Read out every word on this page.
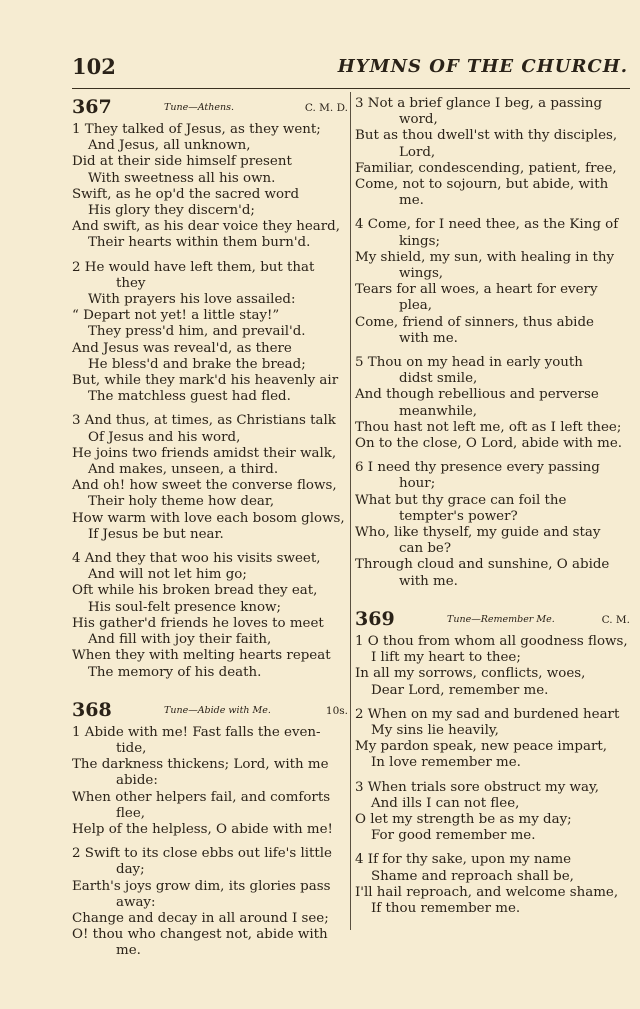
102	HYMNS OF THE CHURCH.
367	Tune—Athens.	C. M. D.
1 They talked of Jesus, as they went;
And Jesus, all unknown,
Did at their side himself present
With sweetness all his own.
Swift, as he op'd the sacred word
His glory they discern'd;
And swift, as his dear voice they heard,
Their hearts within them burn'd.
2 He would have left them, but that
they
With prayers his love assailed:
“ Depart not yet! a little stay!”
They press'd him, and prevail'd.
And Jesus was reveal'd, as there
He bless'd and brake the bread;
But, while they mark'd his heavenly air
The matchless guest had fled.
3 And thus, at times, as Christians talk
Of Jesus and his word,
He joins two friends amidst their walk,
And makes, unseen, a third.
And oh! how sweet the converse flows,
Their holy theme how dear,
How warm with love each bosom glows,
If Jesus be but near.
4 And they that woo his visits sweet,
And will not let him go;
Oft while his broken bread they eat,
His soul-felt presence know;
His gather'd friends he loves to meet
And fill with joy their faith,
When they with melting hearts repeat
The memory of his death.
368	Tune—Abide with Me.	10s.
1 Abide with me! Fast falls the even-
tide,
The darkness thickens; Lord, with me
abide:
When other helpers fail, and comforts
flee,
Help of the helpless, O abide with me!
2 Swift to its close ebbs out life's little
day;
Earth's joys grow dim, its glories pass
away:
Change and decay in all around I see;
O! thou who changest not, abide with
me.
3 Not a brief glance I beg, a passing
word,
But as thou dwell'st with thy disciples,
Lord,
Familiar, condescending, patient, free,
Come, not to sojourn, but abide, with
me.
4 Come, for I need thee, as the King of
kings;
My shield, my sun, with healing in thy
wings,
Tears for all woes, a heart for every
plea,
Come, friend of sinners, thus abide
with me.
5 Thou on my head in early youth
didst smile,
And though rebellious and perverse
meanwhile,
Thou hast not left me, oft as I left thee;
On to the close, O Lord, abide with me.
6 I need thy presence every passing
hour;
What but thy grace can foil the
tempter's power?
Who, like thyself, my guide and stay
can be?
Through cloud and sunshine, O abide
with me.
369	Tune—Remember Me.	C. M.
1 O thou from whom all goodness flows,
I lift my heart to thee;
In all my sorrows, conflicts, woes,
Dear Lord, remember me.
2 When on my sad and burdened heart
My sins lie heavily,
My pardon speak, new peace impart,
In love remember me.
3 When trials sore obstruct my way,
And ills I can not flee,
O let my strength be as my day;
For good remember me.
4 If for thy sake, upon my name
Shame and reproach shall be,
I'll hail reproach, and welcome shame,
If thou remember me.
